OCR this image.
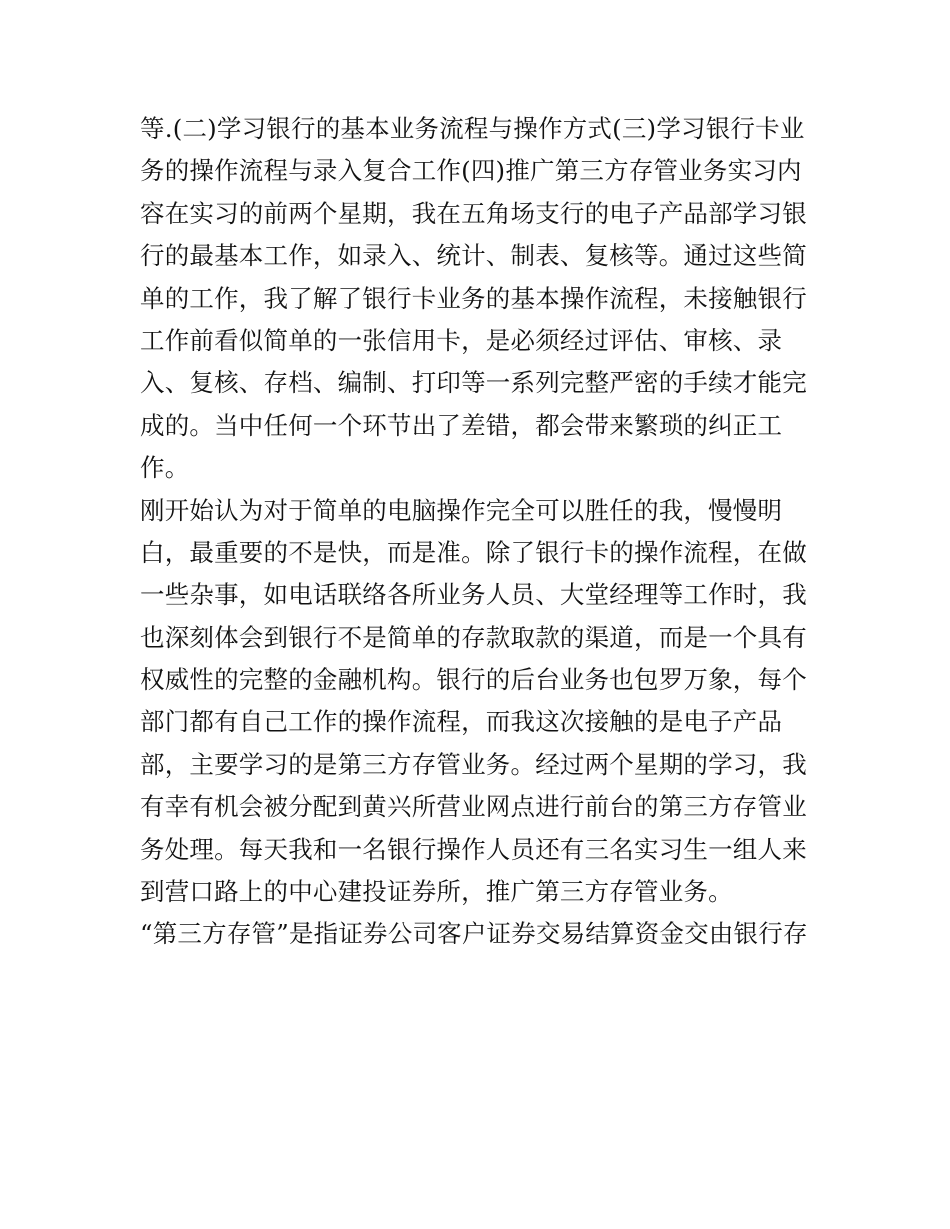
等.(二)学习银行的基本业务流程与操作方式(三)学习银行卡业
务的操作流程与录入复合工作(四)推广第三方存管业务实习内
容在实习的前两个星期，我在五角场支行的电子产品部学习银
行的最基本工作，如录入、统计、制表、复核等。通过这些简
单的工作，我了解了银行卡业务的基本操作流程，未接触银行
工作前看似简单的一张信用卡，是必须经过评估、审核、录
入、复核、存档、编制、打印等一系列完整严密的手续才能完
成的。当中任何一个环节出了差错，都会带来繁琐的纠正工
作。
刚开始认为对于简单的电脑操作完全可以胜任的我，慢慢明
白，最重要的不是快，而是准。除了银行卡的操作流程，在做
一些杂事，如电话联络各所业务人员、大堂经理等工作时，我
也深刻体会到银行不是简单的存款取款的渠道，而是一个具有
权威性的完整的金融机构。银行的后台业务也包罗万象，每个
部门都有自己工作的操作流程，而我这次接触的是电子产品
部，主要学习的是第三方存管业务。经过两个星期的学习，我
有幸有机会被分配到黄兴所营业网点进行前台的第三方存管业
务处理。每天我和一名银行操作人员还有三名实习生一组人来
到营口路上的中心建投证券所，推广第三方存管业务。
“第三方存管”是指证券公司客户证券交易结算资金交由银行存
